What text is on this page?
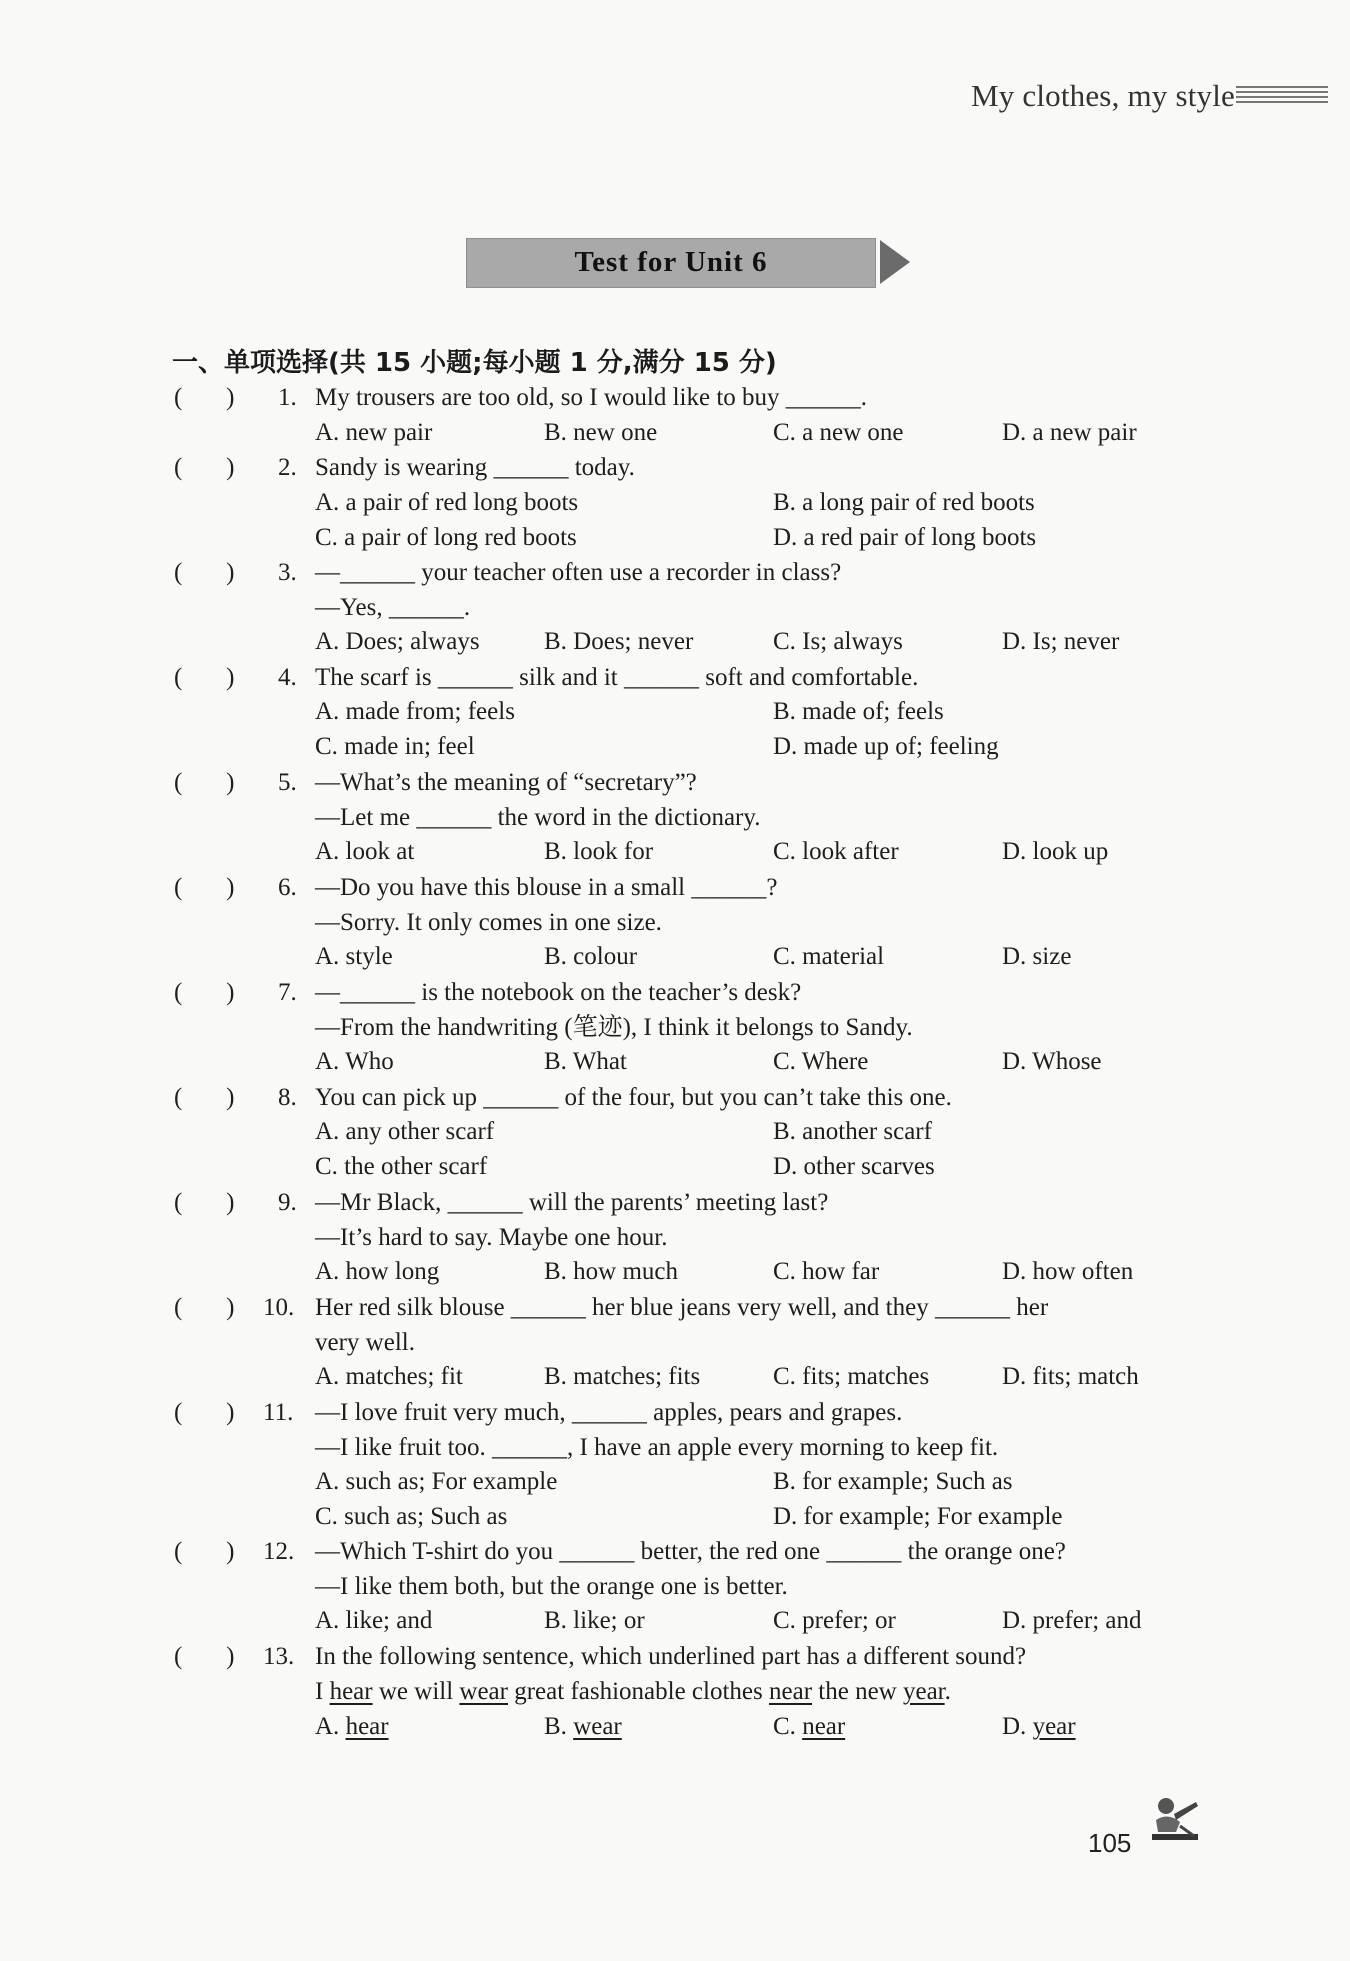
My clothes, my style
Test for Unit 6
一、单项选择(共 15 小题;每小题 1 分,满分 15 分)
(       ) 1. My trousers are too old, so I would like to buy ______.
A. new pair	B. new one	C. a new one	D. a new pair
(       ) 2. Sandy is wearing ______ today.
A. a pair of red long boots	B. a long pair of red boots
C. a pair of long red boots	D. a red pair of long boots
(       ) 3. —______ your teacher often use a recorder in class?
—Yes, ______.
A. Does; always	B. Does; never	C. Is; always	D. Is; never
(       ) 4. The scarf is ______ silk and it ______ soft and comfortable.
A. made from; feels	B. made of; feels
C. made in; feel	D. made up of; feeling
(       ) 5. —What’s the meaning of “secretary”?
—Let me ______ the word in the dictionary.
A. look at	B. look for	C. look after	D. look up
(       ) 6. —Do you have this blouse in a small ______?
—Sorry. It only comes in one size.
A. style	B. colour	C. material	D. size
(       ) 7. —______ is the notebook on the teacher’s desk?
—From the handwriting (笔迹), I think it belongs to Sandy.
A. Who	B. What	C. Where	D. Whose
(       ) 8. You can pick up ______ of the four, but you can’t take this one.
A. any other scarf	B. another scarf
C. the other scarf	D. other scarves
(       ) 9. —Mr Black, ______ will the parents’ meeting last?
—It’s hard to say. Maybe one hour.
A. how long	B. how much	C. how far	D. how often
(       ) 10. Her red silk blouse ______ her blue jeans very well, and they ______ her
very well.
A. matches; fit	B. matches; fits	C. fits; matches	D. fits; match
(       ) 11. —I love fruit very much, ______ apples, pears and grapes.
—I like fruit too. ______, I have an apple every morning to keep fit.
A. such as; For example	B. for example; Such as
C. such as; Such as	D. for example; For example
(       ) 12. —Which T-shirt do you ______ better, the red one ______ the orange one?
—I like them both, but the orange one is better.
A. like; and	B. like; or	C. prefer; or	D. prefer; and
(       ) 13. In the following sentence, which underlined part has a different sound?
I hear we will wear great fashionable clothes near the new year.
A. hear	B. wear	C. near	D. year
105
